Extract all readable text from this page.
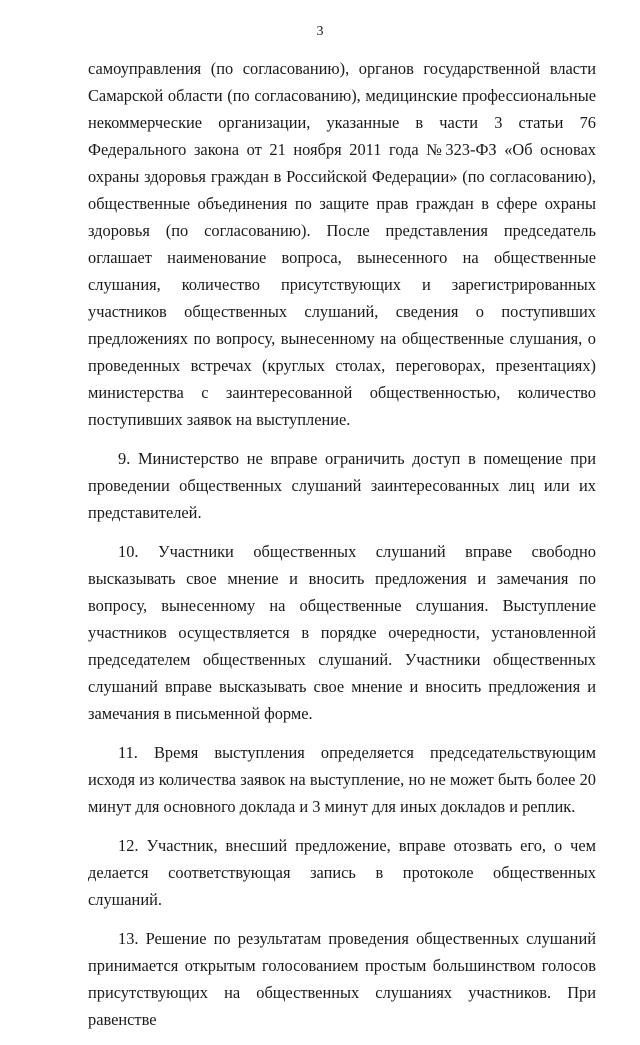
3

самоуправления (по согласованию), органов государственной власти Самарской области (по согласованию), медицинские профессиональные некоммерческие организации, указанные в части 3 статьи 76 Федерального закона от 21 ноября 2011 года №323-ФЗ «Об основах охраны здоровья граждан в Российской Федерации» (по согласованию), общественные объединения по защите прав граждан в сфере охраны здоровья (по согласованию). После представления председатель оглашает наименование вопроса, вынесенного на общественные слушания, количество присутствующих и зарегистрированных участников общественных слушаний, сведения о поступивших предложениях по вопросу, вынесенному на общественные слушания, о проведенных встречах (круглых столах, переговорах, презентациях) министерства с заинтересованной общественностью, количество поступивших заявок на выступление.

9. Министерство не вправе ограничить доступ в помещение при проведении общественных слушаний заинтересованных лиц или их представителей.

10. Участники общественных слушаний вправе свободно высказывать свое мнение и вносить предложения и замечания по вопросу, вынесенному на общественные слушания. Выступление участников осуществляется в порядке очередности, установленной председателем общественных слушаний. Участники общественных слушаний вправе высказывать свое мнение и вносить предложения и замечания в письменной форме.

11. Время выступления определяется председательствующим исходя из количества заявок на выступление, но не может быть более 20 минут для основного доклада и 3 минут для иных докладов и реплик.

12. Участник, внесший предложение, вправе отозвать его, о чем делается соответствующая запись в протоколе общественных слушаний.

13. Решение по результатам проведения общественных слушаний принимается открытым голосованием простым большинством голосов присутствующих на общественных слушаниях участников. При равенстве
